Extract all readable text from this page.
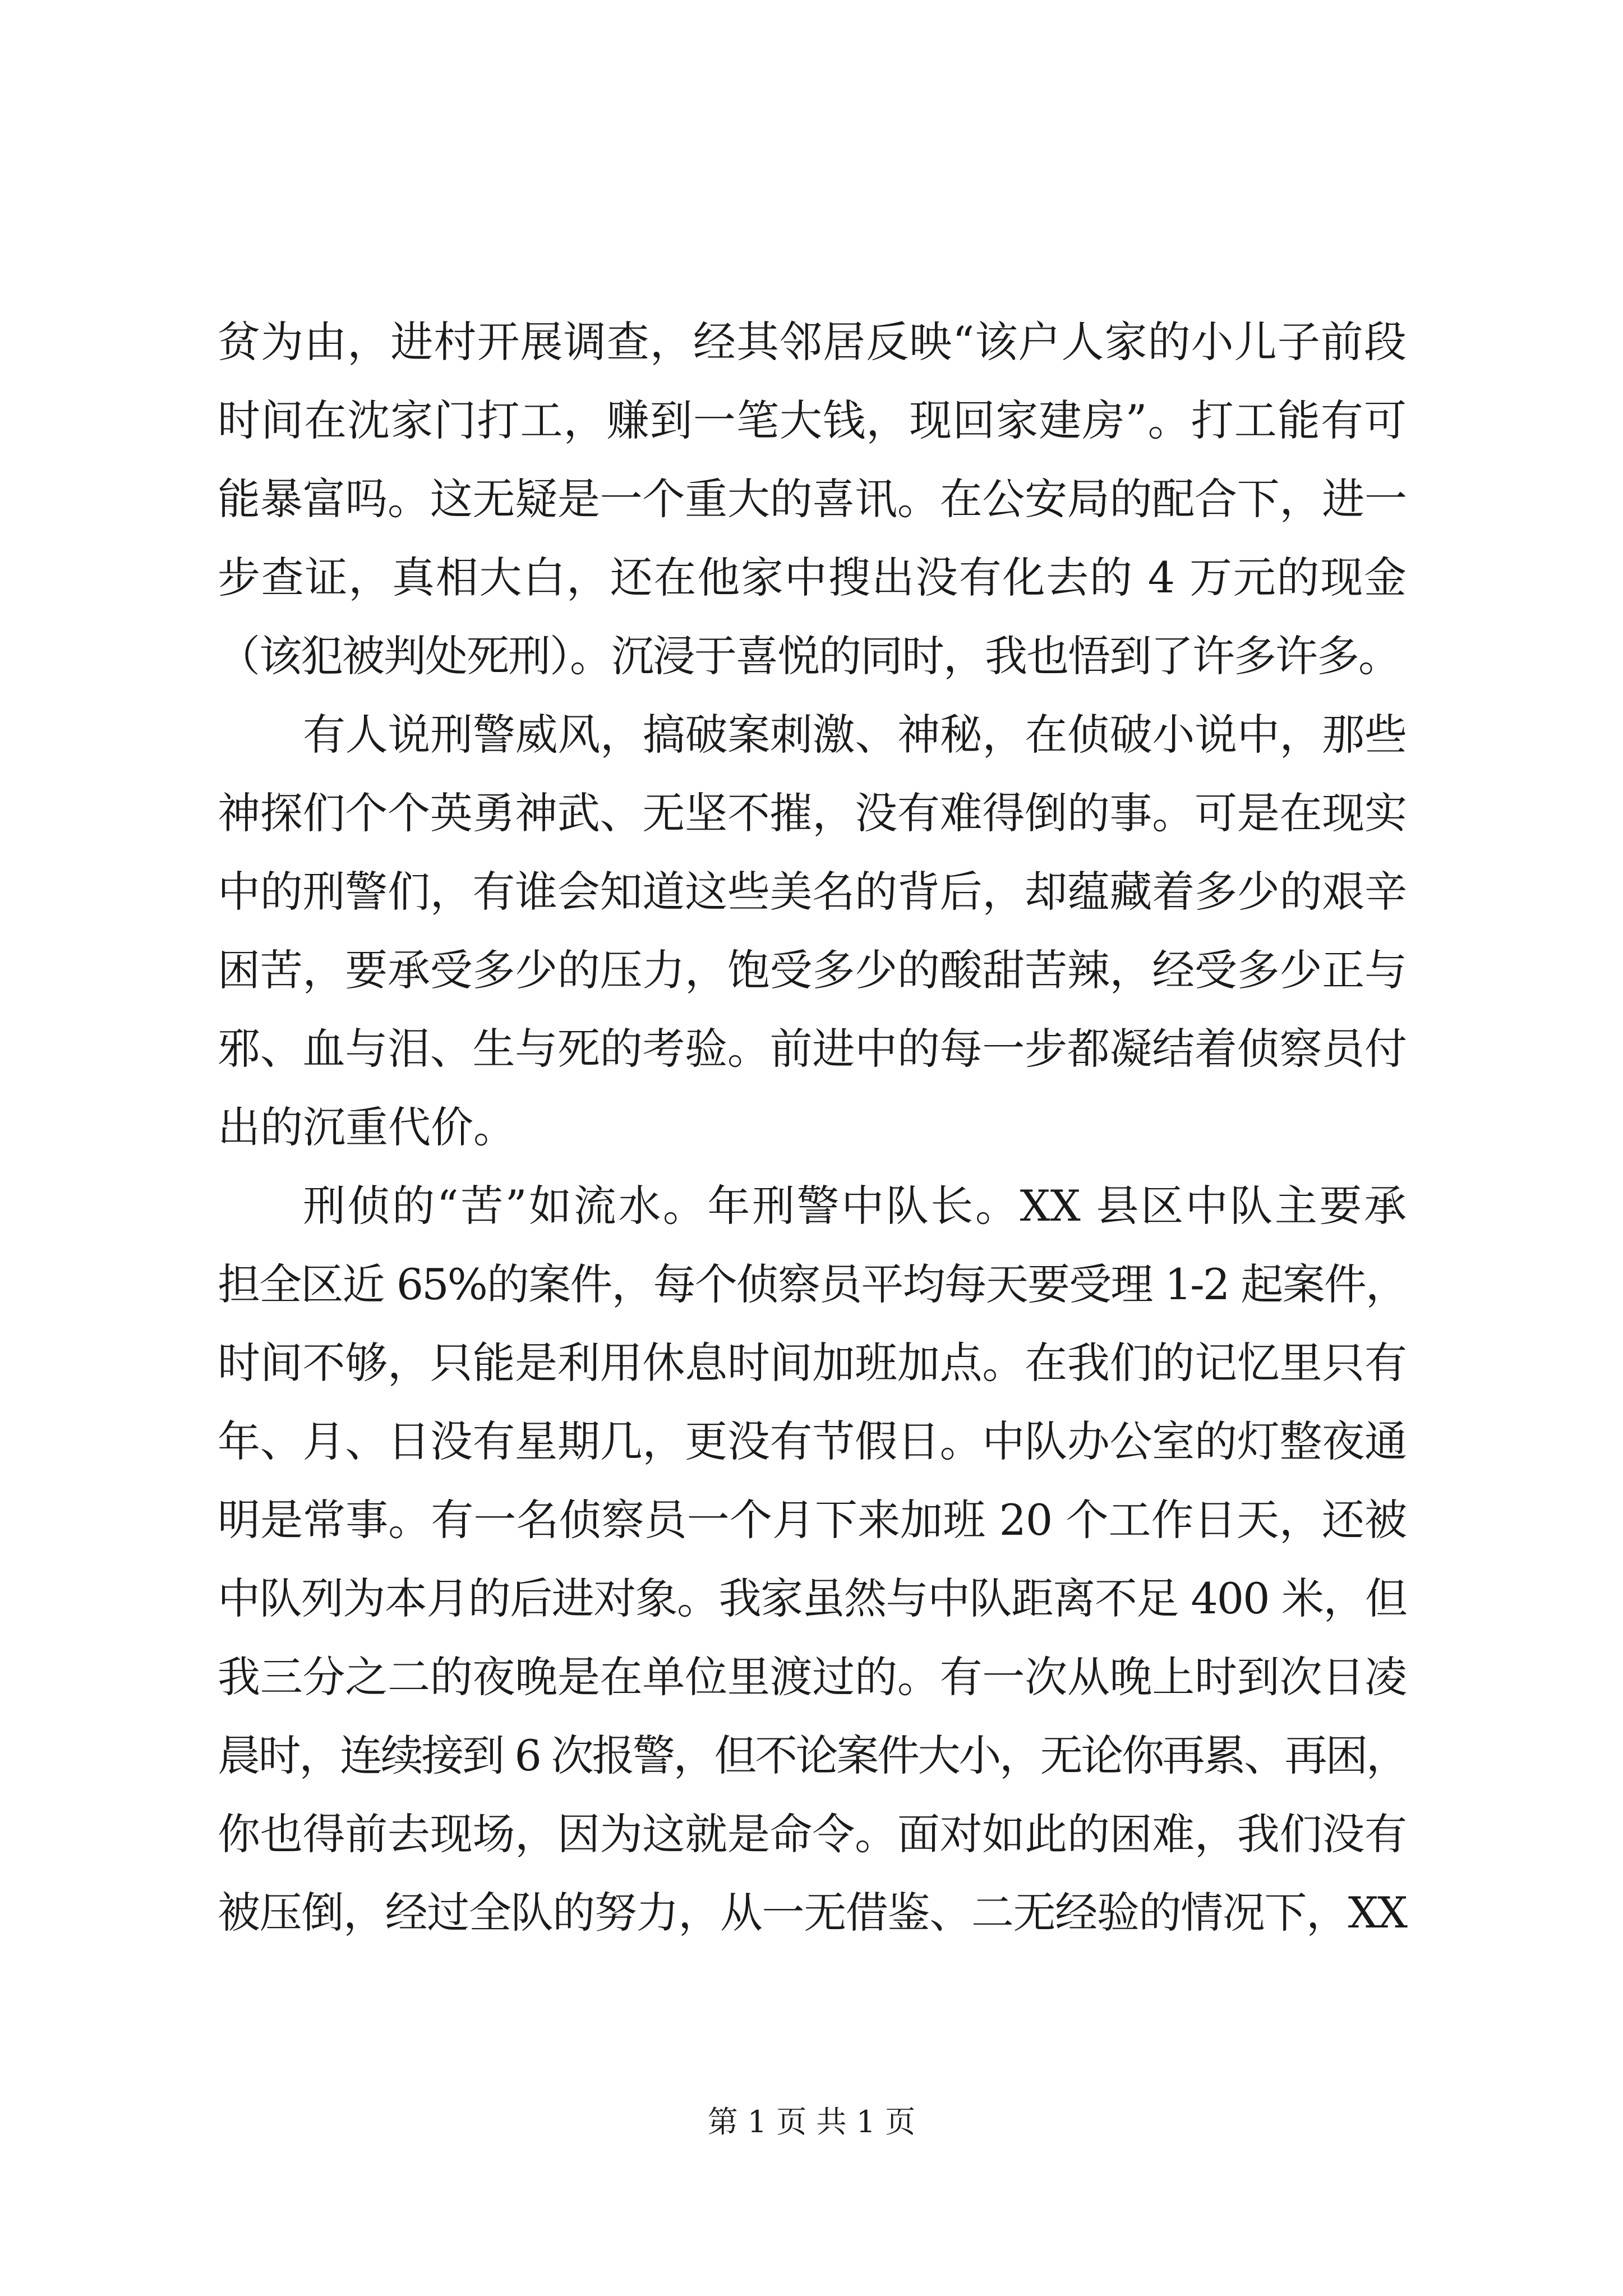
贫为由，进村开展调查，经其邻居反映“该户人家的小儿子前段
时间在沈家门打工，赚到一笔大钱，现回家建房”。打工能有可
能暴富吗。这无疑是一个重大的喜讯。在公安局的配合下，进一
步查证，真相大白，还在他家中搜出没有化去的 4 万元的现金
（该犯被判处死刑）。沉浸于喜悦的同时，我也悟到了许多许多。
有人说刑警威风，搞破案刺激、神秘，在侦破小说中，那些
神探们个个英勇神武、无坚不摧，没有难得倒的事。可是在现实
中的刑警们，有谁会知道这些美名的背后，却蕴藏着多少的艰辛
困苦，要承受多少的压力，饱受多少的酸甜苦辣，经受多少正与
邪、血与泪、生与死的考验。前进中的每一步都凝结着侦察员付
出的沉重代价。
刑侦的“苦”如流水。年刑警中队长。XX 县区中队主要承
担全区近 65%的案件，每个侦察员平均每天要受理 1-2 起案件，
时间不够，只能是利用休息时间加班加点。在我们的记忆里只有
年、月、日没有星期几，更没有节假日。中队办公室的灯整夜通
明是常事。有一名侦察员一个月下来加班 20 个工作日天，还被
中队列为本月的后进对象。我家虽然与中队距离不足 400 米，但
我三分之二的夜晚是在单位里渡过的。有一次从晚上时到次日凌
晨时，连续接到 6 次报警，但不论案件大小，无论你再累、再困，
你也得前去现场，因为这就是命令。面对如此的困难，我们没有
被压倒，经过全队的努力，从一无借鉴、二无经验的情况下，XX
第 1 页 共 1 页
